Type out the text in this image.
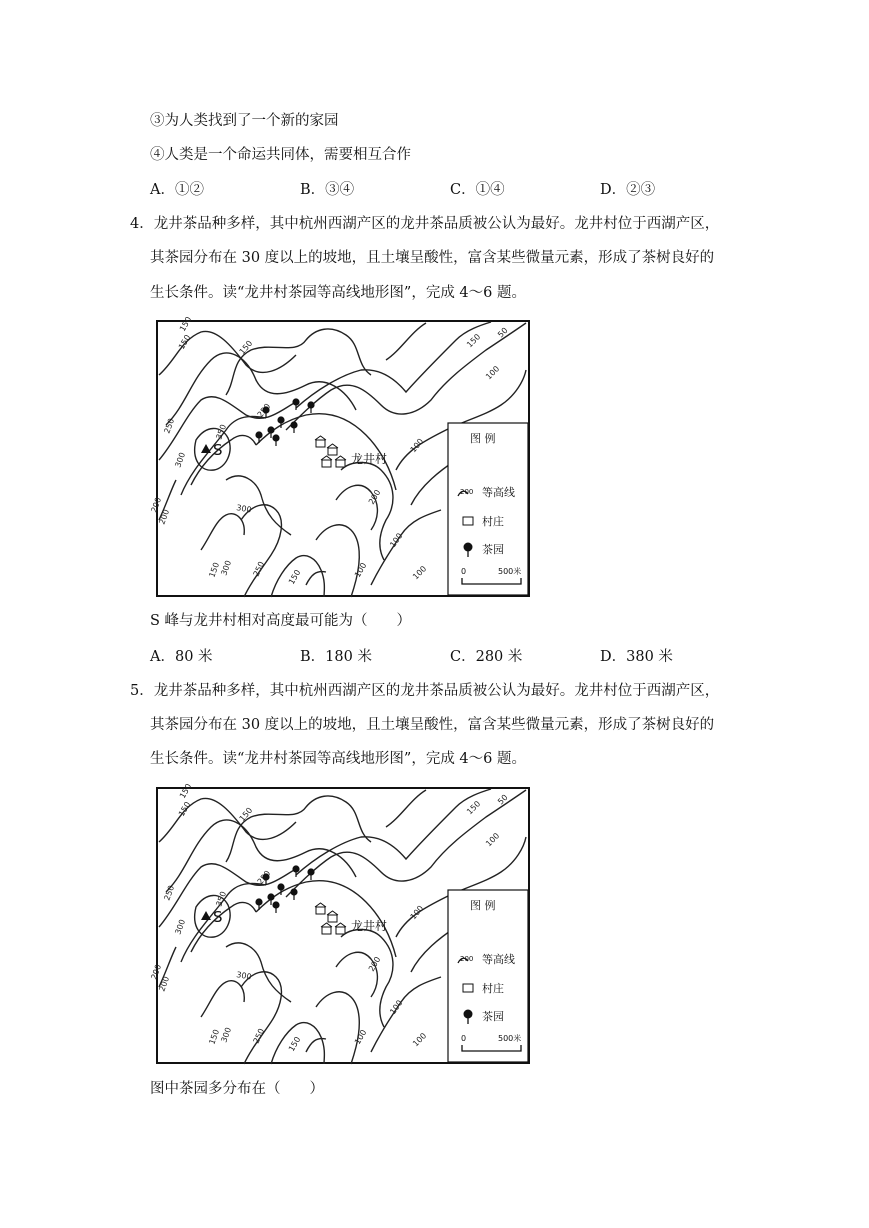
③为人类找到了一个新的家园
④人类是一个命运共同体，需要相互合作
A．①②	B．③④	C．①④	D．②③
4．龙井茶品种多样，其中杭州西湖产区的龙井茶品质被公认为最好。龙井村位于西湖产区，
其茶园分布在 30 度以上的坡地，且土壤呈酸性，富含某些微量元素，形成了茶树良好的
生长条件。读“龙井村茶园等高线地形图”，完成 4～6 题。
150
150	150
50
100
150
250	350
300
200
200
100
200
300
100
100
150
300 250	150	100
S	龙井村
图 例
等高线
200
村庄
茶园
0	500米
S 峰与龙井村相对高度最可能为（　　）
A．80 米	B．180 米	C．280 米	D．380 米
5．龙井茶品种多样，其中杭州西湖产区的龙井茶品质被公认为最好。龙井村位于西湖产区，
其茶园分布在 30 度以上的坡地，且土壤呈酸性，富含某些微量元素，形成了茶树良好的
生长条件。读“龙井村茶园等高线地形图”，完成 4～6 题。
150
150	150
50
100
150
250	350
300
200
200
100
200
300
100
100
150
300 250	150	100
S	龙井村
图 例
等高线
200
村庄
茶园
0	500米
图中茶园多分布在（　　）
